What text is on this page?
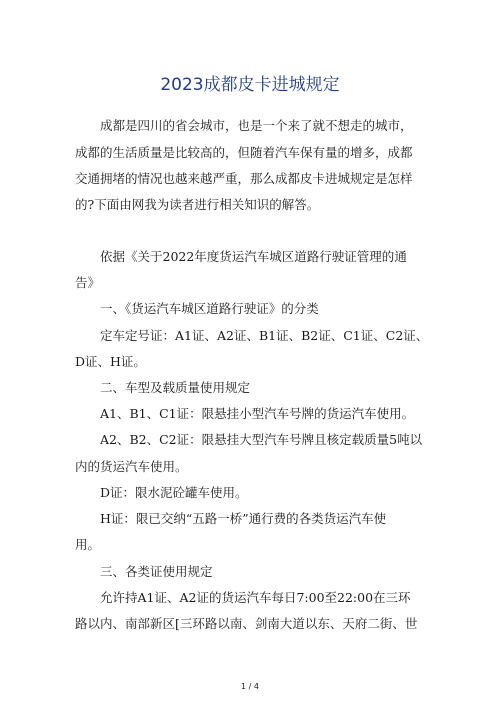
2023成都皮卡进城规定
成都是四川的省会城市，也是一个来了就不想走的城市，
成都的生活质量是比较高的，但随着汽车保有量的增多，成都
交通拥堵的情况也越来越严重，那么成都皮卡进城规定是怎样
的?下面由网我为读者进行相关知识的解答。
依据《关于2022年度货运汽车城区道路行驶证管理的通
告》
一、《货运汽车城区道路行驶证》的分类
定车定号证：A1证、A2证、B1证、B2证、C1证、C2证、
D证、H证。
二、车型及载质量使用规定
A1、B1、C1证：限悬挂小型汽车号牌的货运汽车使用。
A2、B2、C2证：限悬挂大型汽车号牌且核定载质量5吨以
内的货运汽车使用。
D证：限水泥砼罐车使用。
H证：限已交纳“五路一桥”通行费的各类货运汽车使
用。
三、各类证使用规定
允许持A1证、A2证的货运汽车每日7:00至22:00在三环
路以内、南部新区[三环路以南、剑南大道以东、天府二街、世
1 / 4
